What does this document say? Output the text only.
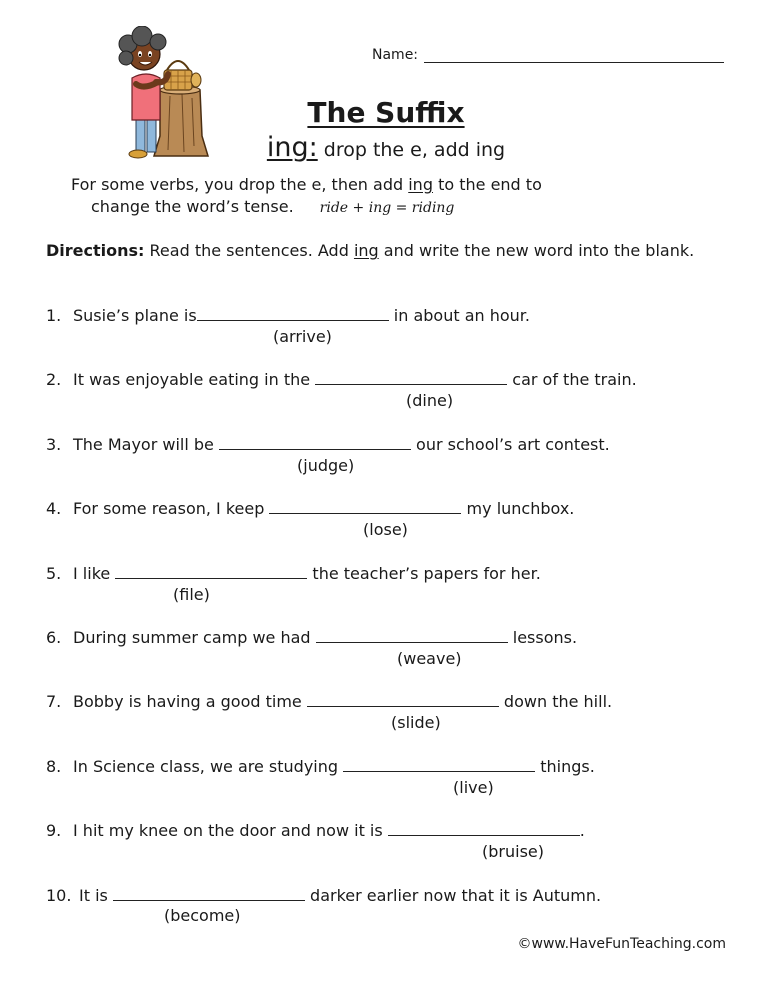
Name:
The Suffix
ing: drop the e, add ing
For some verbs, you drop the e, then add ing to the end to
change the word’s tense. ride + ing = riding
Directions: Read the sentences. Add ing and write the new word into the blank.
1. Susie’s plane is	in about an hour.
(arrive)
2. It was enjoyable eating in the	car of the train.
(dine)
3. The Mayor will be	our school’s art contest.
(judge)
4. For some reason, I keep	my lunchbox.
(lose)
5. I like	the teacher’s papers for her.
(file)
6. During summer camp we had	lessons.
(weave)
7. Bobby is having a good time	down the hill.
(slide)
8. In Science class, we are studying	things.
(live)
9. I hit my knee on the door and now it is	.
(bruise)
10. It is	darker earlier now that it is Autumn.
(become)
©www.HaveFunTeaching.com
